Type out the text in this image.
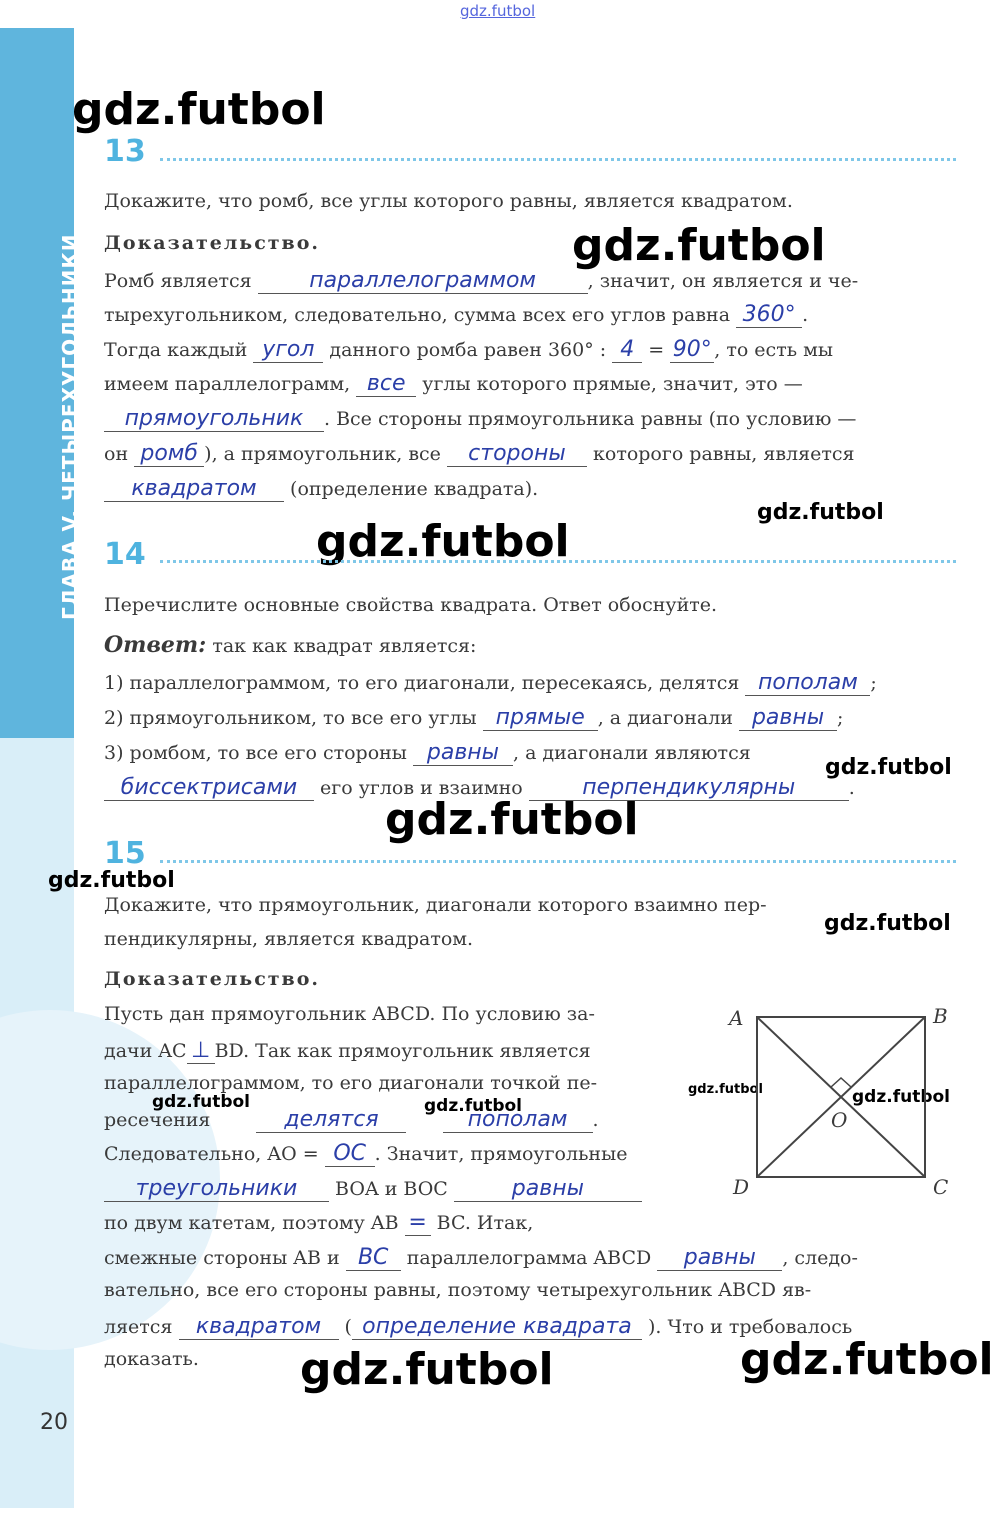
ГЛАВА V. ЧЕТЫРЕХУГОЛЬНИКИ
gdz.futbol
gdz.futbol
gdz.futbol
gdz.futbol
gdz.futbol
gdz.futbol
gdz.futbol
gdz.futbol
gdz.futbol
gdz.futbol	gdz.futbol
gdz.futbol	gdz.futbol
gdz.futbol	gdz.futbol
13
Докажите, что ромб, все углы которого равны, является квадратом.
Доказательство.
Ромб является	параллелограммом	, значит, он является и че-
тырехугольником, следовательно, сумма всех его углов равна 360° .
Тогда каждый угол данного ромба равен 360° : 4 = 90° , то есть мы
имеем параллелограмм, все углы которого прямые, значит, это —
прямоугольник . Все стороны прямоугольника равны (по условию —
он ромб ), а прямоугольник, все стороны которого равны, является
квадратом (определение квадрата).
14
Перечислите основные свойства квадрата. Ответ обоснуйте.
Ответ: так как квадрат является:
1) параллелограммом, то его диагонали, пересекаясь, делятся пополам ;
2) прямоугольником, то все его углы прямые , а диагонали равны ;
3) ромбом, то все его стороны равны , а диагонали являются
биссектрисами его углов и взаимно	перпендикулярны	.
15
Докажите, что прямоугольник, диагонали которого взаимно пер-
пендикулярны, является квадратом.
Доказательство.
Пусть дан прямоугольник ABCD. По условию за-
дачи AC ⊥ BD. Так как прямоугольник является
параллелограммом, то его диагонали точкой пе-
ресечения	делятся	пополам .
Следовательно, AO = OC . Значит, прямоугольные
треугольники BOA и BOC	равны
по двум катетам, поэтому AB = BC. Итак,
смежные стороны AB и BC параллелограмма ABCD равны , следо-
вательно, все его стороны равны, поэтому четырехугольник ABCD яв-
ляется квадратом ( определение квадрата ). Что и требовалось
доказать.
A	B
C
D
O
20
